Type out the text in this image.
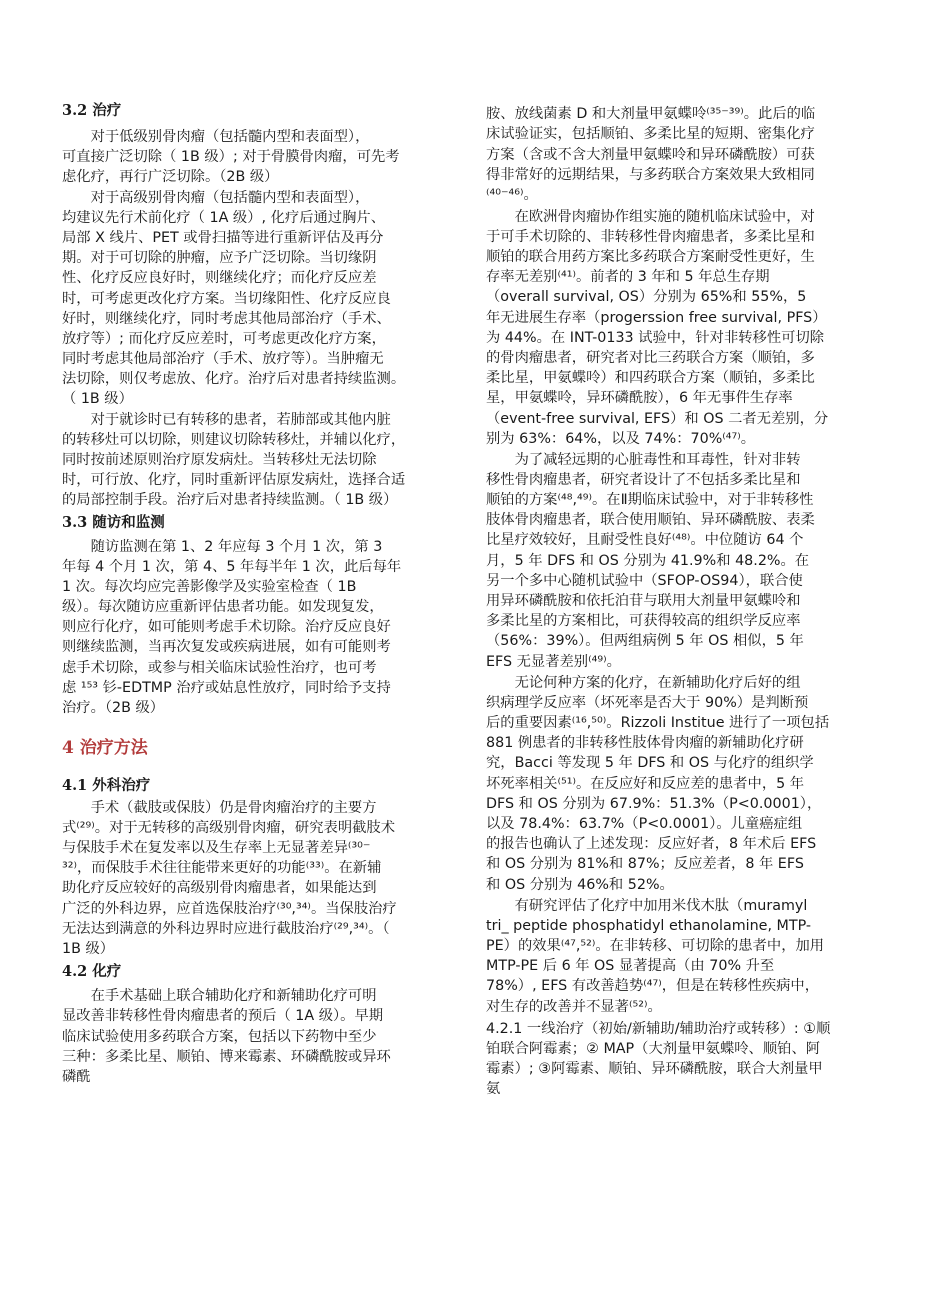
3.2 治疗
　　对于低级别骨肉瘤（包括髓内型和表面型），
可直接广泛切除（ 1B 级）; 对于骨膜骨肉瘤，可先考
虑化疗，再行广泛切除。（2B 级）
　　对于高级别骨肉瘤（包括髓内型和表面型），
均建议先行术前化疗（ 1A 级）, 化疗后通过胸片、
局部 X 线片、PET 或骨扫描等进行重新评估及再分
期。对于可切除的肿瘤，应予广泛切除。当切缘阴
性、化疗反应良好时，则继续化疗；而化疗反应差
时，可考虑更改化疗方案。当切缘阳性、化疗反应良
好时，则继续化疗，同时考虑其他局部治疗（手术、
放疗等）; 而化疗反应差时，可考虑更改化疗方案，
同时考虑其他局部治疗（手术、放疗等）。当肿瘤无
法切除，则仅考虑放、化疗。治疗后对患者持续监测。
（ 1B 级）
　　对于就诊时已有转移的患者，若肺部或其他内脏
的转移灶可以切除，则建议切除转移灶，并辅以化疗，
同时按前述原则治疗原发病灶。当转移灶无法切除
时，可行放、化疗，同时重新评估原发病灶，选择合适
的局部控制手段。治疗后对患者持续监测。（ 1B 级）
3.3 随访和监测
　　随访监测在第 1、2 年应每 3 个月 1 次，第 3
年每 4 个月 1 次，第 4、5 年每半年 1 次，此后每年
1 次。每次均应完善影像学及实验室检查（ 1B
级）。每次随访应重新评估患者功能。如发现复发，
则应行化疗，如可能则考虑手术切除。治疗反应良好
则继续监测，当再次复发或疾病进展，如有可能则考
虑手术切除，或参与相关临床试验性治疗，也可考
虑 ¹⁵³ 钐-EDTMP 治疗或姑息性放疗，同时给予支持
治疗。（2B 级）
4 治疗方法
4.1 外科治疗
　　手术（截肢或保肢）仍是骨肉瘤治疗的主要方
式⁽²⁹⁾。对于无转移的高级别骨肉瘤，研究表明截肢术
与保肢手术在复发率以及生存率上无显著差异⁽³⁰⁻
³²⁾，而保肢手术往往能带来更好的功能⁽³³⁾。在新辅
助化疗反应较好的高级别骨肉瘤患者，如果能达到
广泛的外科边界，应首选保肢治疗⁽³⁰,³⁴⁾。当保肢治疗
无法达到满意的外科边界时应进行截肢治疗⁽²⁹,³⁴⁾。（
1B 级）
4.2 化疗
　　在手术基础上联合辅助化疗和新辅助化疗可明
显改善非转移性骨肉瘤患者的预后（ 1A 级）。早期
临床试验使用多药联合方案，包括以下药物中至少
三种：多柔比星、顺铂、博来霉素、环磷酰胺或异环
磷酰
胺、放线菌素 D 和大剂量甲氨蝶呤⁽³⁵⁻³⁹⁾。此后的临
床试验证实，包括顺铂、多柔比星的短期、密集化疗
方案（含或不含大剂量甲氨蝶呤和异环磷酰胺）可获
得非常好的远期结果，与多药联合方案效果大致相同
⁽⁴⁰⁻⁴⁶⁾。
　　在欧洲骨肉瘤协作组实施的随机临床试验中，对
于可手术切除的、非转移性骨肉瘤患者，多柔比星和
顺铂的联合用药方案比多药联合方案耐受性更好，生
存率无差别⁽⁴¹⁾。前者的 3 年和 5 年总生存期
（overall survival, OS）分别为 65%和 55%，5
年无进展生存率（progerssion free survival, PFS）
为 44%。在 INT-0133 试验中，针对非转移性可切除
的骨肉瘤患者，研究者对比三药联合方案（顺铂，多
柔比星，甲氨蝶呤）和四药联合方案（顺铂，多柔比
星，甲氨蝶呤，异环磷酰胺），6 年无事件生存率
（event-free survival, EFS）和 OS 二者无差别，分
别为 63%：64%，以及 74%：70%⁽⁴⁷⁾。
　　为了减轻远期的心脏毒性和耳毒性，针对非转
移性骨肉瘤患者，研究者设计了不包括多柔比星和
顺铂的方案⁽⁴⁸,⁴⁹⁾。在Ⅱ期临床试验中，对于非转移性
肢体骨肉瘤患者，联合使用顺铂、异环磷酰胺、表柔
比星疗效较好，且耐受性良好⁽⁴⁸⁾。中位随访 64 个
月，5 年 DFS 和 OS 分别为 41.9%和 48.2%。在
另一个多中心随机试验中（SFOP-OS94），联合使
用异环磷酰胺和依托泊苷与联用大剂量甲氨蝶呤和
多柔比星的方案相比，可获得较高的组织学反应率
（56%：39%）。但两组病例 5 年 OS 相似，5 年
EFS 无显著差别⁽⁴⁹⁾。
　　无论何种方案的化疗，在新辅助化疗后好的组
织病理学反应率（坏死率是否大于 90%）是判断预
后的重要因素⁽¹⁶,⁵⁰⁾。Rizzoli Institue 进行了一项包括
881 例患者的非转移性肢体骨肉瘤的新辅助化疗研
究，Bacci 等发现 5 年 DFS 和 OS 与化疗的组织学
坏死率相关⁽⁵¹⁾。在反应好和反应差的患者中，5 年
DFS 和 OS 分别为 67.9%：51.3%（P<0.0001），
以及 78.4%：63.7%（P<0.0001）。儿童癌症组
的报告也确认了上述发现：反应好者，8 年术后 EFS
和 OS 分别为 81%和 87%；反应差者，8 年 EFS
和 OS 分别为 46%和 52%。
　　有研究评估了化疗中加用米伐木肽（muramyl
tri_ peptide phosphatidyl ethanolamine, MTP-
PE）的效果⁽⁴⁷,⁵²⁾。在非转移、可切除的患者中，加用
MTP-PE 后 6 年 OS 显著提高（由 70% 升至
78%）, EFS 有改善趋势⁽⁴⁷⁾，但是在转移性疾病中，
对生存的改善并不显著⁽⁵²⁾。
4.2.1 一线治疗（初始/新辅助/辅助治疗或转移）: ①顺
铂联合阿霉素；② MAP（大剂量甲氨蝶呤、顺铂、阿
霉素）; ③阿霉素、顺铂、异环磷酰胺，联合大剂量甲
氨
